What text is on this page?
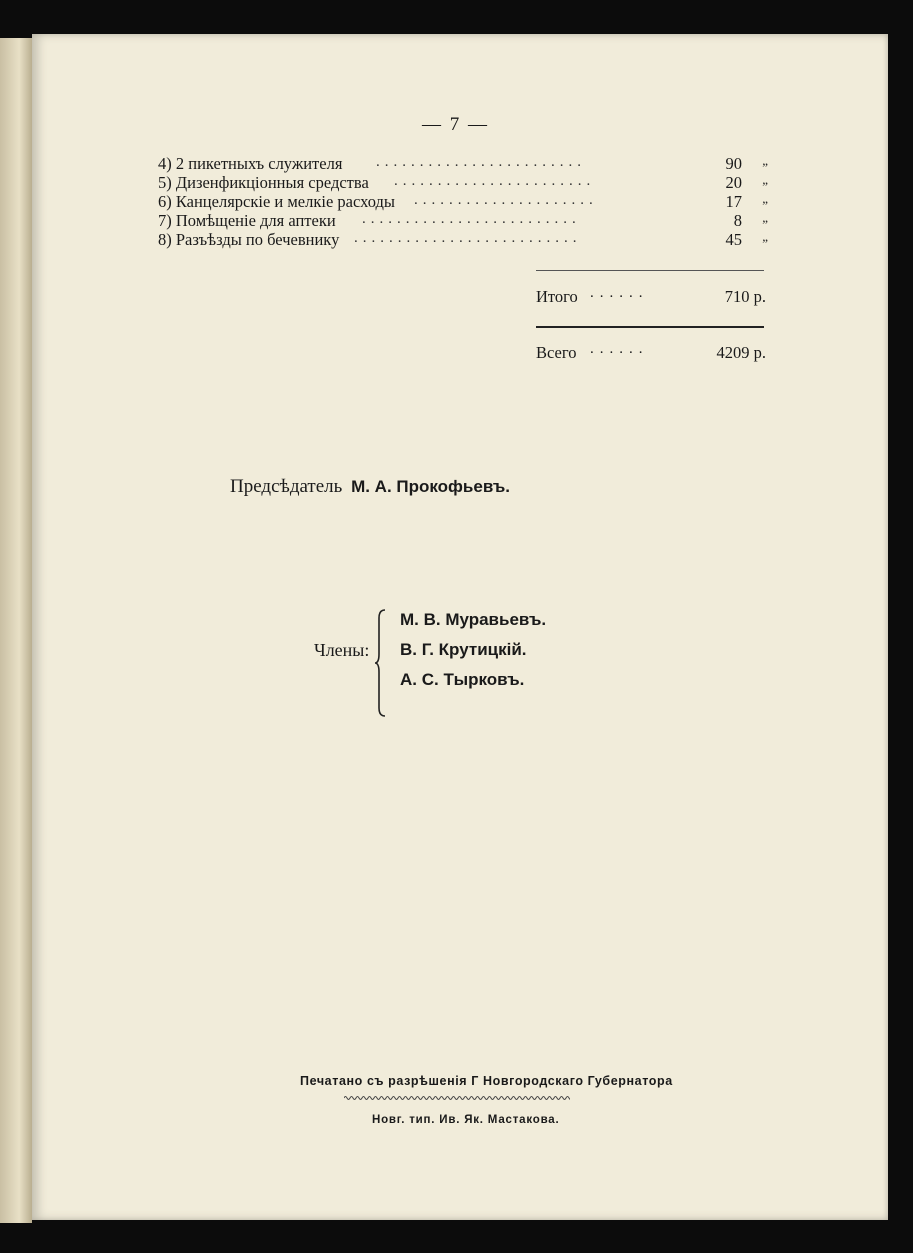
— 7 —
4) 2 пикетныхъ служителя ........................	90 „
5) Дизенфикціонныя средства .......................	20 „
6) Канцелярскіе и мелкіе расходы .....................	17 „
7) Помѣщеніе для аптеки .........................	8 „
8) Разъѣзды по бечевнику ..........................	45 „
Итого ......	710 р.
Всего ......	4209 р.
Предсѣдатель М. А. Прокофьевъ.
Члены:
М. В. Муравьевъ.
В. Г. Крутицкій.
А. С. Тырковъ.
Печатано съ разрѣшенія Г Новгородскаго Губернатора
Новг. тип. Ив. Як. Мастакова.
